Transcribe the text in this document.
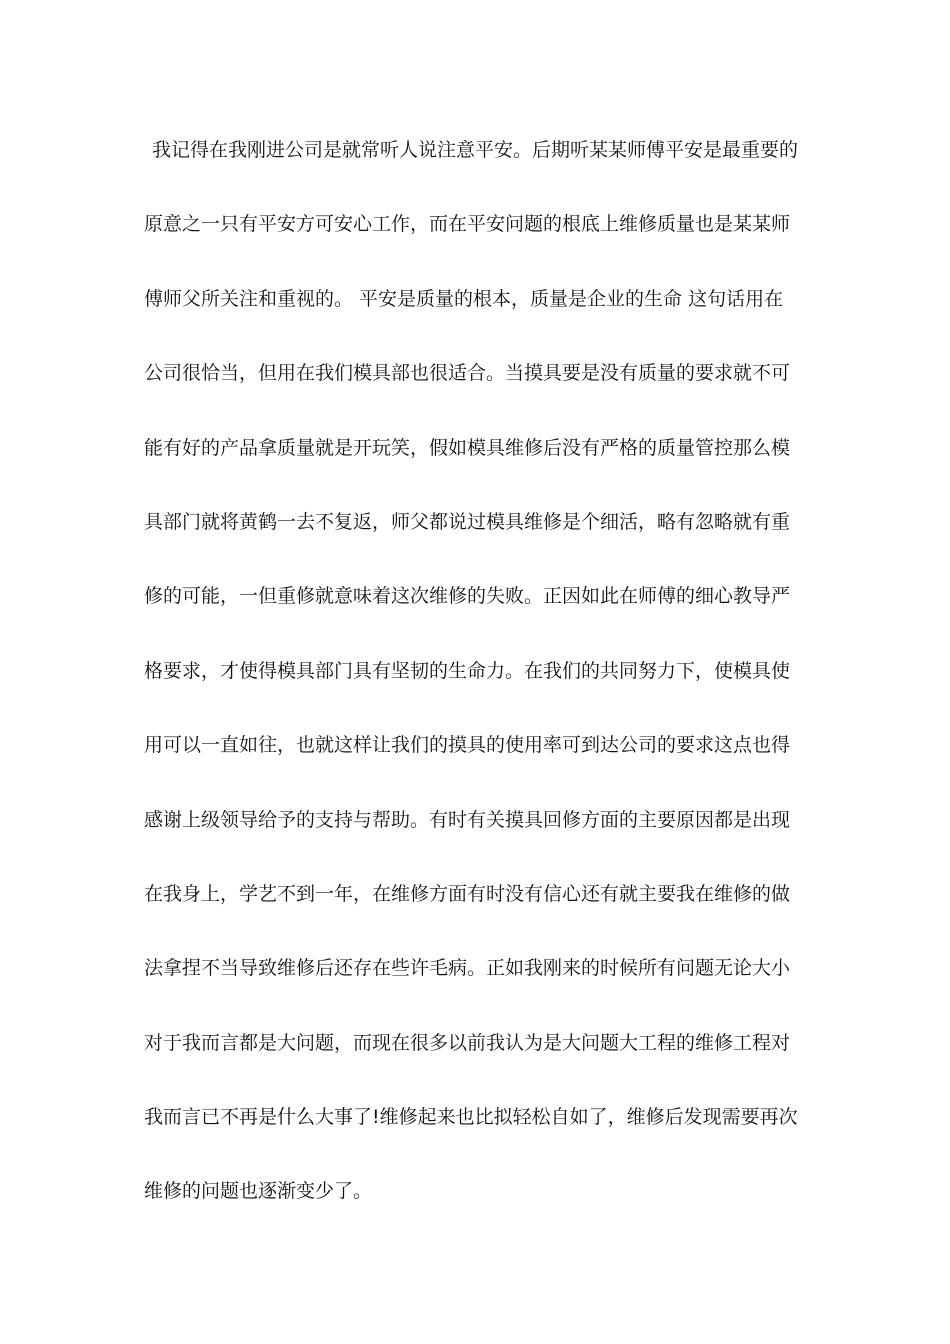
我记得在我刚进公司是就常听人说注意平安。后期听某某师傅平安是最重要的
原意之一只有平安方可安心工作，而在平安问题的根底上维修质量也是某某师
傅师父所关注和重视的。 平安是质量的根本，质量是企业的生命 这句话用在
公司很恰当，但用在我们模具部也很适合。当摸具要是没有质量的要求就不可
能有好的产品拿质量就是开玩笑，假如模具维修后没有严格的质量管控那么模
具部门就将黄鹤一去不复返，师父都说过模具维修是个细活，略有忽略就有重
修的可能，一但重修就意味着这次维修的失败。正因如此在师傅的细心教导严
格要求，才使得模具部门具有坚韧的生命力。在我们的共同努力下，使模具使
用可以一直如往，也就这样让我们的摸具的使用率可到达公司的要求这点也得
感谢上级领导给予的支持与帮助。有时有关摸具回修方面的主要原因都是出现
在我身上，学艺不到一年，在维修方面有时没有信心还有就主要我在维修的做
法拿捏不当导致维修后还存在些许毛病。正如我刚来的时候所有问题无论大小
对于我而言都是大问题，而现在很多以前我认为是大问题大工程的维修工程对
我而言已不再是什么大事了!维修起来也比拟轻松自如了，维修后发现需要再次
维修的问题也逐渐变少了。
